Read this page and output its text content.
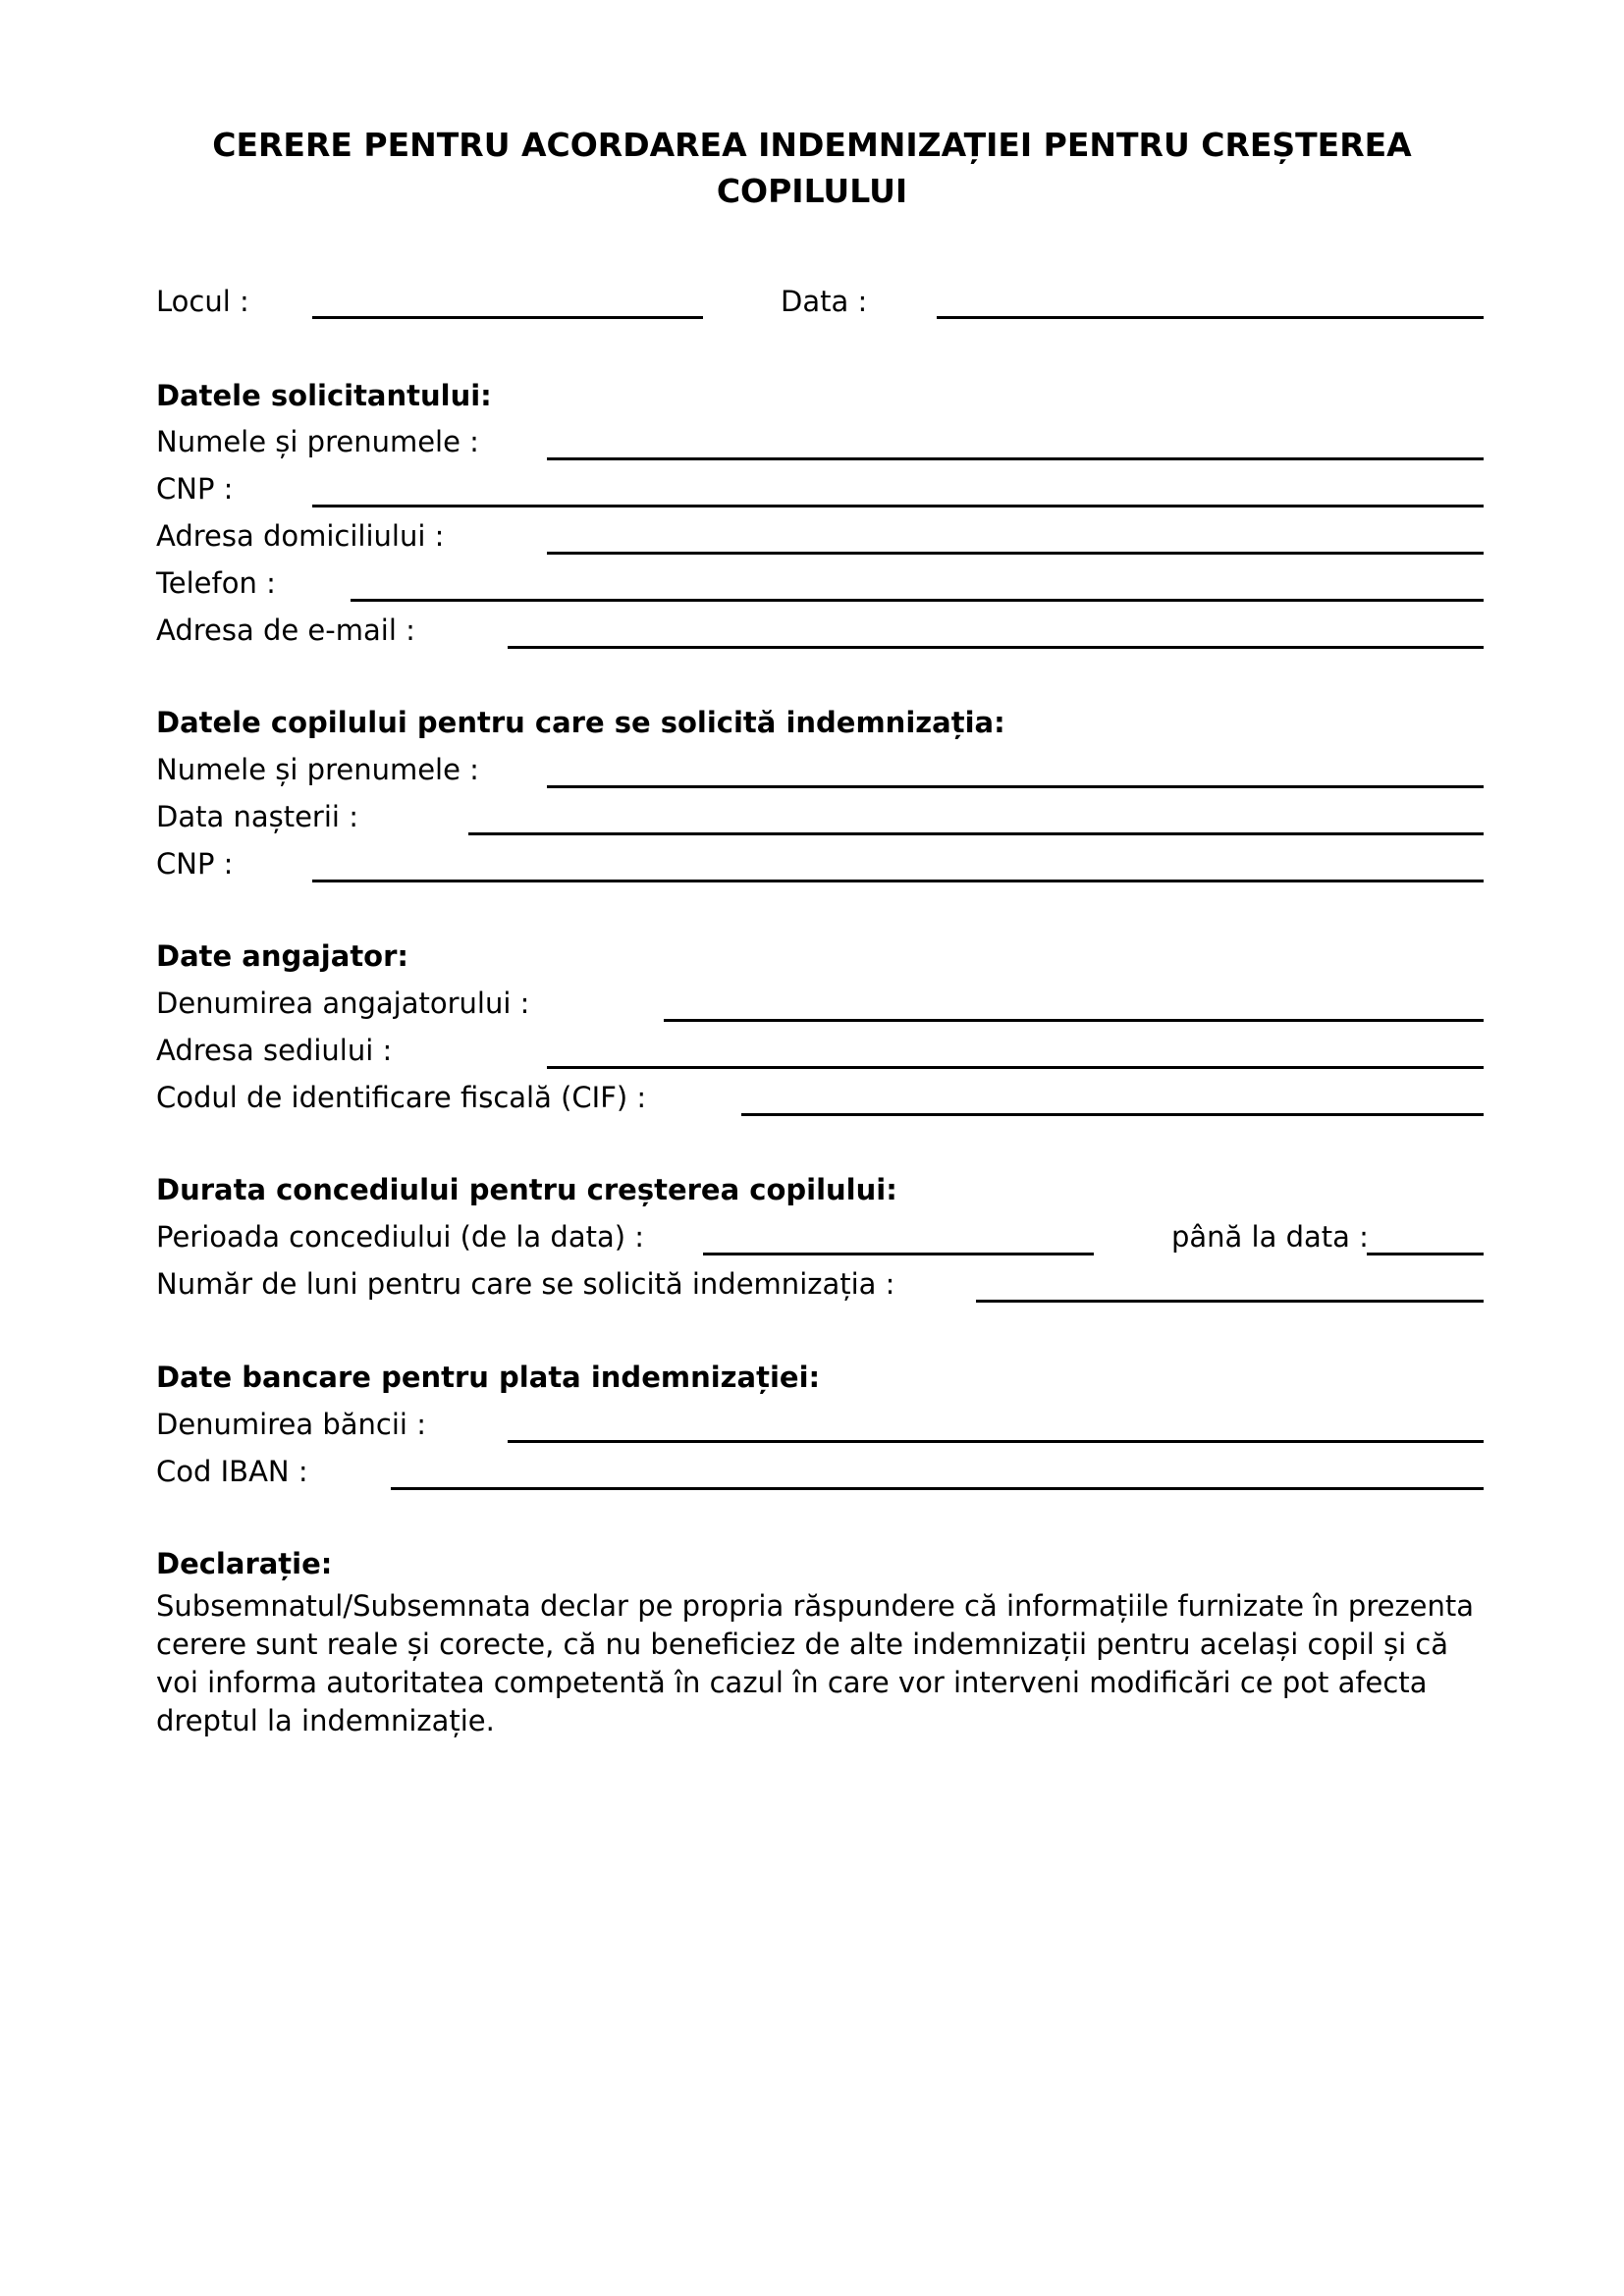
CERERE PENTRU ACORDAREA INDEMNIZAȚIEI PENTRU CREȘTEREA COPILULUI
Locul :	Data :
Datele solicitantului:
Numele și prenumele :
CNP :
Adresa domiciliului :
Telefon :
Adresa de e-mail :
Datele copilului pentru care se solicită indemnizația:
Numele și prenumele :
Data nașterii :
CNP :
Date angajator:
Denumirea angajatorului :
Adresa sediului :
Codul de identificare fiscală (CIF) :
Durata concediului pentru creșterea copilului:
Perioada concediului (de la data) :	până la data :
Număr de luni pentru care se solicită indemnizația :
Date bancare pentru plata indemnizației:
Denumirea băncii :
Cod IBAN :
Declarație:

Subsemnatul/Subsemnata declar pe propria răspundere că informațiile furnizate în prezenta cerere sunt reale și corecte, că nu beneficiez de alte indemnizații pentru același copil și că voi informa autoritatea competentă în cazul în care vor interveni modificări ce pot afecta dreptul la indemnizație.
